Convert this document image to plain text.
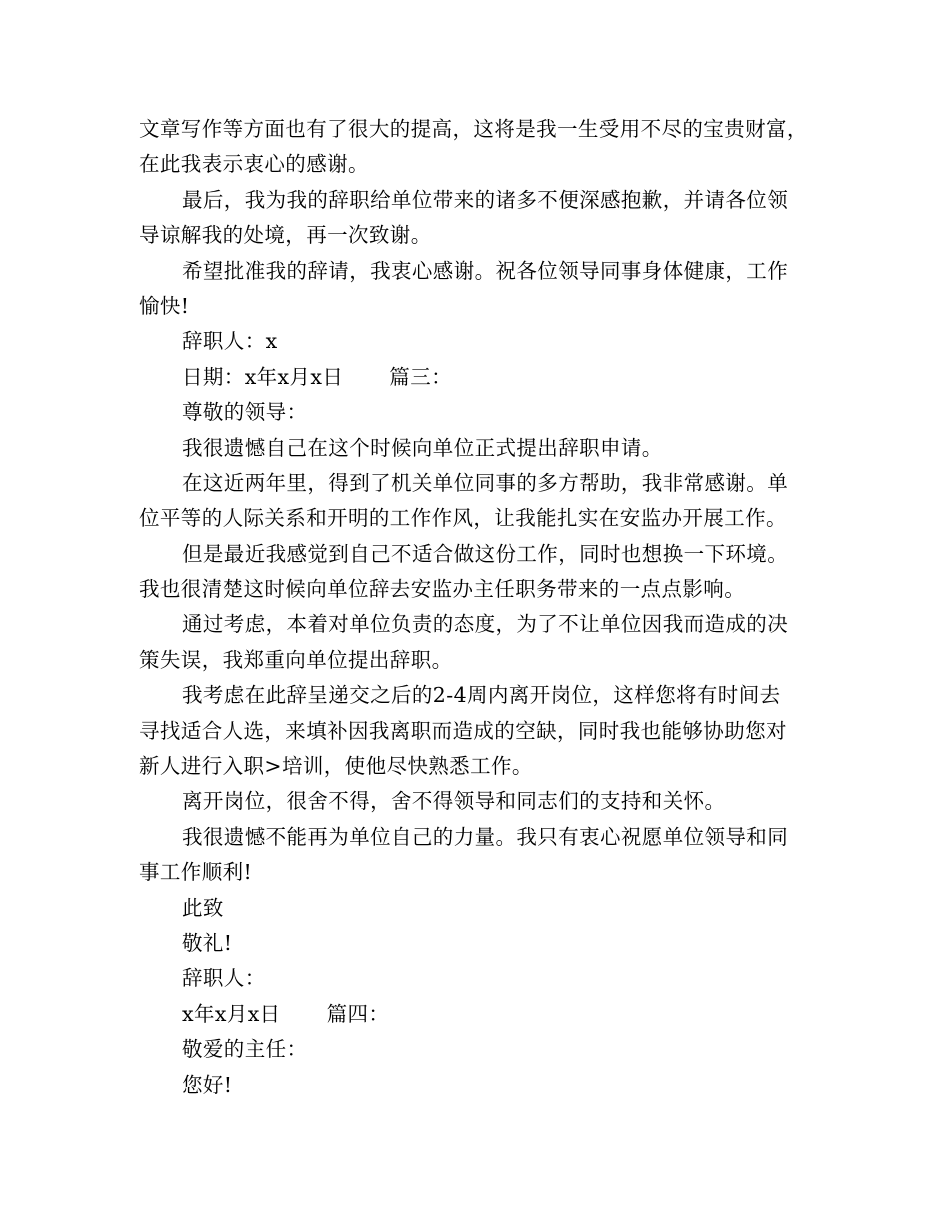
文章写作等方面也有了很大的提高，这将是我一生受用不尽的宝贵财富，
在此我表示衷心的感谢。
最后，我为我的辞职给单位带来的诸多不便深感抱歉，并请各位领
导谅解我的处境，再一次致谢。
希望批准我的辞请，我衷心感谢。祝各位领导同事身体健康，工作
愉快!
辞职人：x
日期：x年x月x日 篇三：
尊敬的领导：
我很遗憾自己在这个时候向单位正式提出辞职申请。
在这近两年里，得到了机关单位同事的多方帮助，我非常感谢。单
位平等的人际关系和开明的工作作风，让我能扎实在安监办开展工作。
但是最近我感觉到自己不适合做这份工作，同时也想换一下环境。
我也很清楚这时候向单位辞去安监办主任职务带来的一点点影响。
通过考虑，本着对单位负责的态度，为了不让单位因我而造成的决
策失误，我郑重向单位提出辞职。
我考虑在此辞呈递交之后的2-4周内离开岗位，这样您将有时间去
寻找适合人选，来填补因我离职而造成的空缺，同时我也能够协助您对
新人进行入职>培训，使他尽快熟悉工作。
离开岗位，很舍不得，舍不得领导和同志们的支持和关怀。
我很遗憾不能再为单位自己的力量。我只有衷心祝愿单位领导和同
事工作顺利!
此致
敬礼!
辞职人：
x年x月x日 篇四：
敬爱的主任：
您好!
